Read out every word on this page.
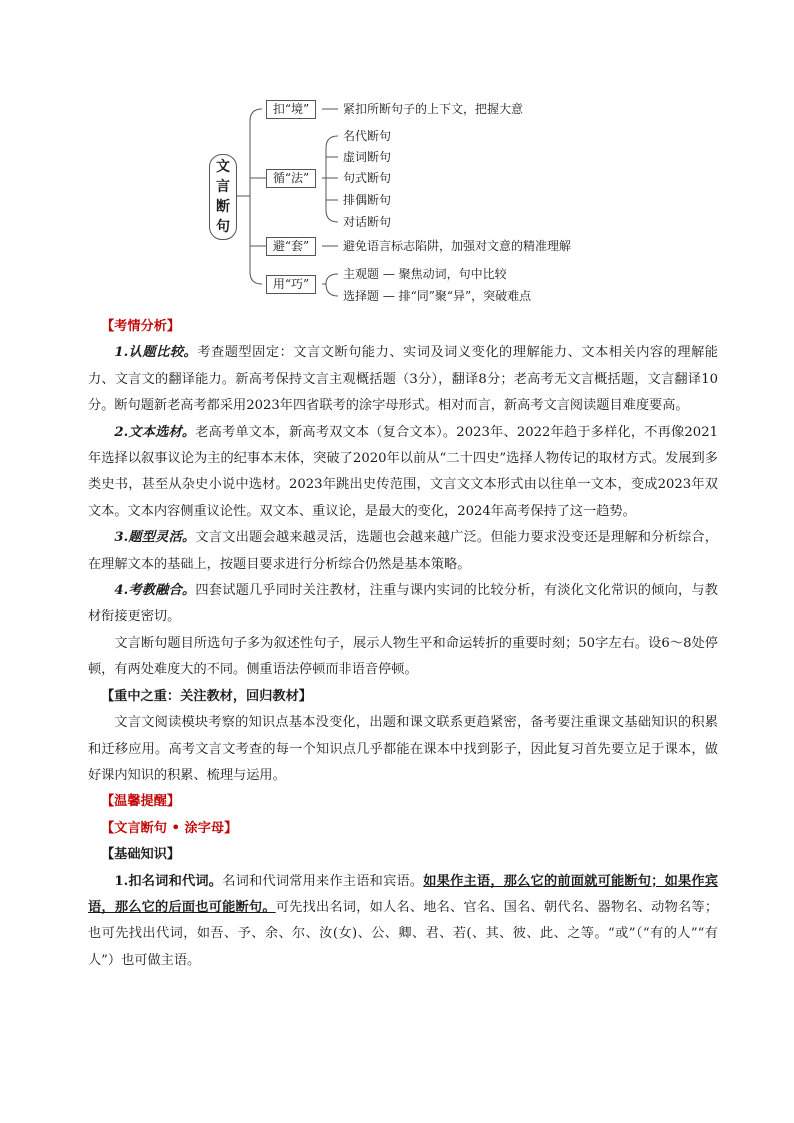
文
言
断
句
扣“境”
循“法”
避“套”
用“巧”
紧扣所断句子的上下文，把握大意
名代断句
虚词断句
句式断句
排偶断句
对话断句
避免语言标志陷阱，加强对文意的精准理解
主观题 — 聚焦动词，句中比较
选择题 — 排“同”聚“异”，突破难点

【考情分析】

1.认题比较。考查题型固定：文言文断句能力、实词及词义变化的理解能力、文本相关内容的理解能力、文言文的翻译能力。新高考保持文言主观概括题（3分），翻译8分；老高考无文言概括题，文言翻译10分。断句题新老高考都采用2023年四省联考的涂字母形式。相对而言，新高考文言阅读题目难度要高。

2.文本选材。老高考单文本，新高考双文本（复合文本）。2023年、2022年趋于多样化，不再像2021年选择以叙事议论为主的纪事本末体，突破了2020年以前从“二十四史”选择人物传记的取材方式。发展到多类史书，甚至从杂史小说中选材。2023年跳出史传范围，文言文文本形式由以往单一文本，变成2023年双文本。文本内容侧重议论性。双文本、重议论，是最大的变化，2024年高考保持了这一趋势。

3.题型灵活。文言文出题会越来越灵活，选题也会越来越广泛。但能力要求没变还是理解和分析综合，在理解文本的基础上，按题目要求进行分析综合仍然是基本策略。

4.考教融合。四套试题几乎同时关注教材，注重与课内实词的比较分析，有淡化文化常识的倾向，与教材衔接更密切。

文言断句题目所选句子多为叙述性句子，展示人物生平和命运转折的重要时刻；50字左右。设6～8处停顿，有两处难度大的不同。侧重语法停顿而非语音停顿。

【重中之重：关注教材，回归教材】

文言文阅读模块考察的知识点基本没变化，出题和课文联系更趋紧密，备考要注重课文基础知识的积累和迁移应用。高考文言文考查的每一个知识点几乎都能在课本中找到影子，因此复习首先要立足于课本，做好课内知识的积累、梳理与运用。

【温馨提醒】

【文言断句 • 涂字母】

【基础知识】

1.扣名词和代词。名词和代词常用来作主语和宾语。如果作主语，那么它的前面就可能断句；如果作宾语，那么它的后面也可能断句。可先找出名词，如人名、地名、官名、国名、朝代名、器物名、动物名等；也可先找出代词，如吾、予、余、尔、汝(女)、公、卿、君、若(、其、彼、此、之等。“或”（“有的人”“有人”）也可做主语。
